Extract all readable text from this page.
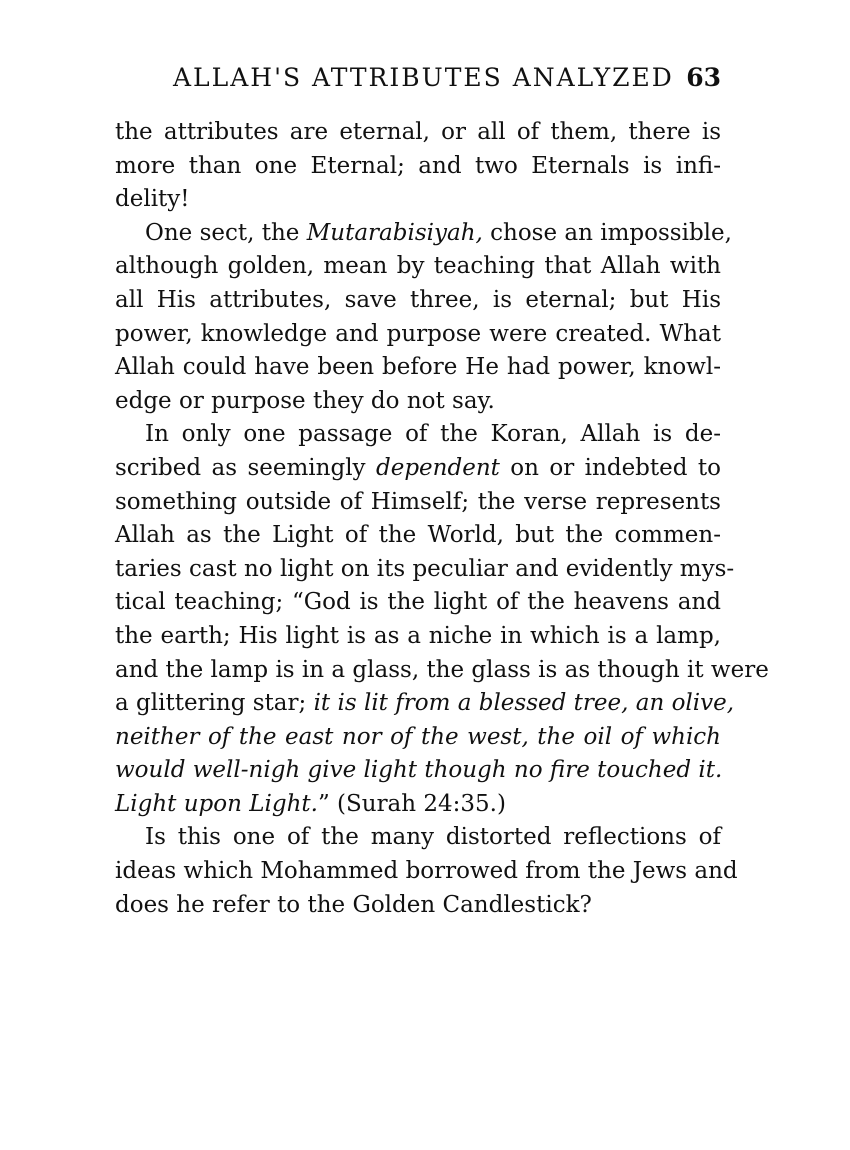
ALLAH'S ATTRIBUTES ANALYZED 63
the attributes are eternal, or all of them, there is
more than one Eternal; and two Eternals is infi-
delity!
One sect, the Mutarabisiyah, chose an impossible,
although golden, mean by teaching that Allah with
all His attributes, save three, is eternal; but His
power, knowledge and purpose were created. What
Allah could have been before He had power, knowl-
edge or purpose they do not say.
In only one passage of the Koran, Allah is de-
scribed as seemingly dependent on or indebted to
something outside of Himself; the verse represents
Allah as the Light of the World, but the commen-
taries cast no light on its peculiar and evidently mys-
tical teaching; “God is the light of the heavens and
the earth; His light is as a niche in which is a lamp,
and the lamp is in a glass, the glass is as though it were
a glittering star; it is lit from a blessed tree, an olive,
neither of the east nor of the west, the oil of which
would well-nigh give light though no fire touched it.
Light upon Light.” (Surah 24:35.)
Is this one of the many distorted reflections of
ideas which Mohammed borrowed from the Jews and
does he refer to the Golden Candlestick?
